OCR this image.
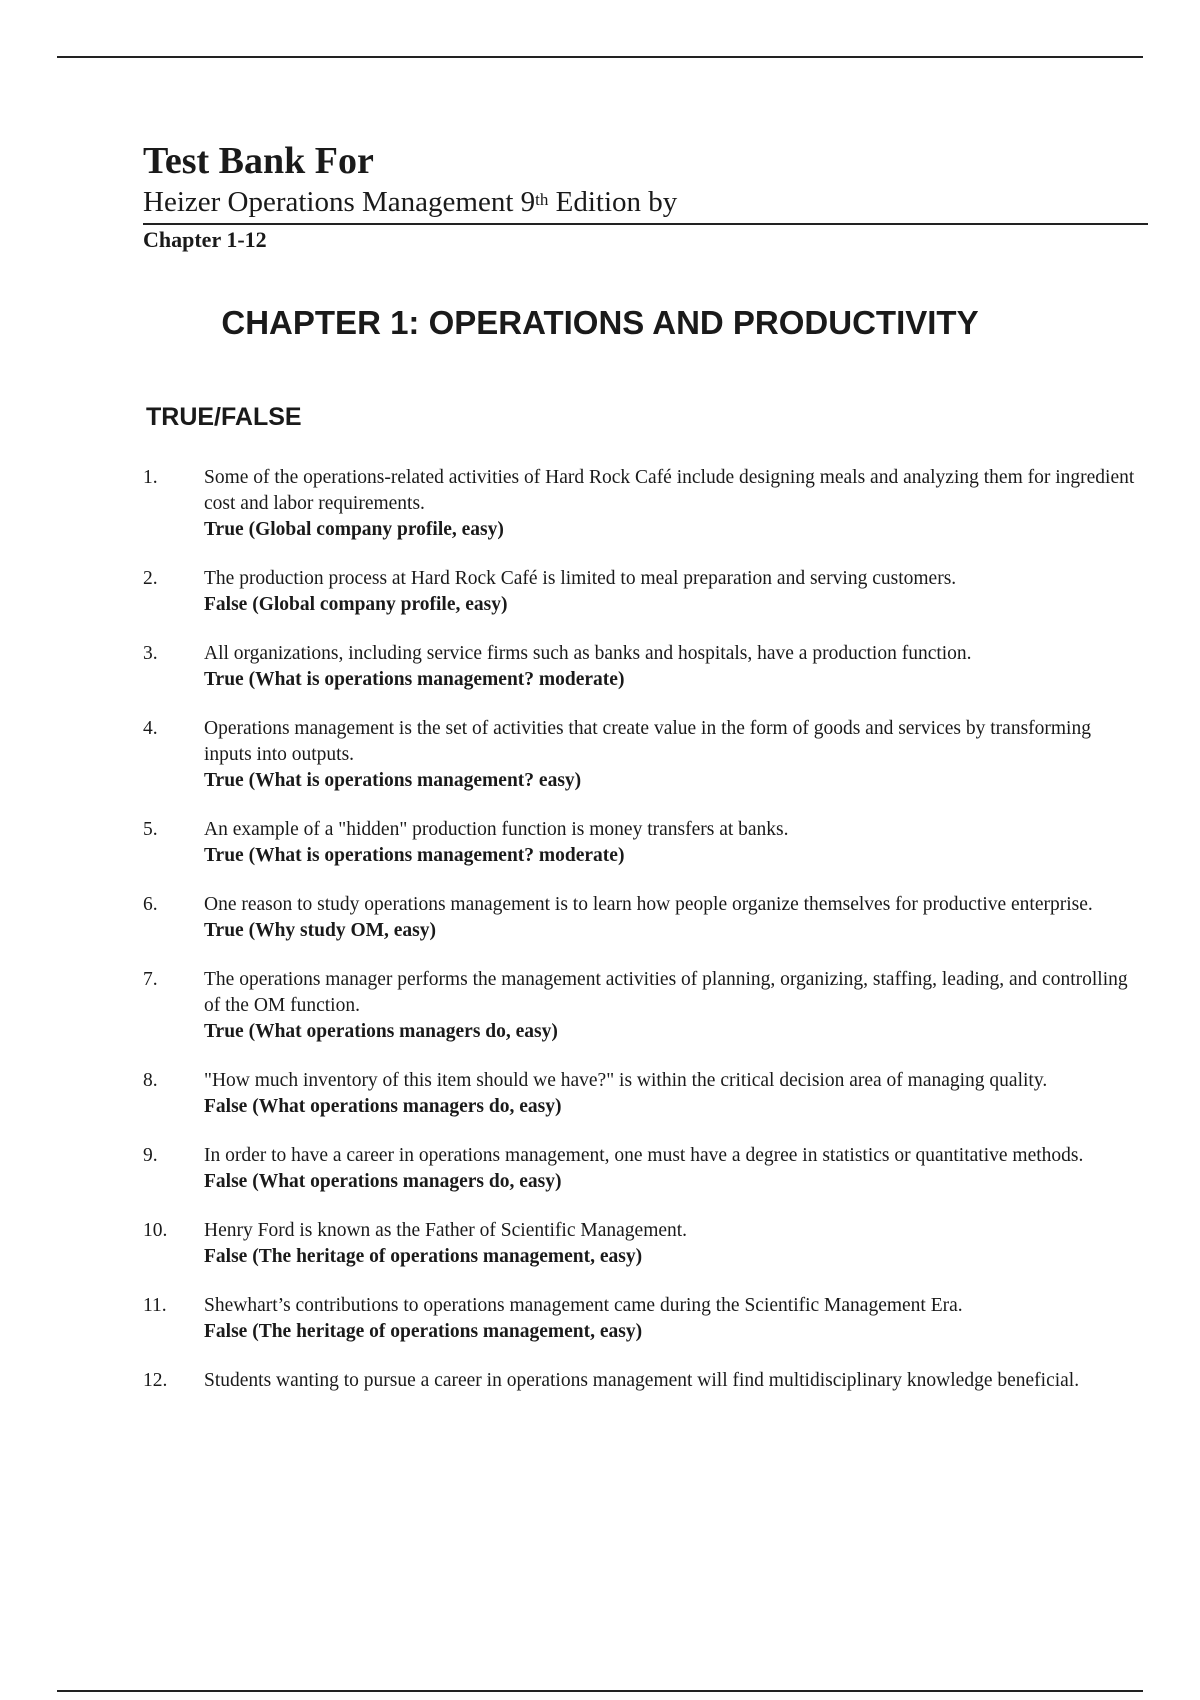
Test Bank For

Heizer Operations Management 9th Edition by

Chapter 1-12

CHAPTER 1: OPERATIONS AND PRODUCTIVITY
TRUE/FALSE
1. Some of the operations-related activities of Hard Rock Café include designing meals and analyzing them for ingredient cost and labor requirements.
True (Global company profile, easy)
2. The production process at Hard Rock Café is limited to meal preparation and serving customers.
False (Global company profile, easy)
3. All organizations, including service firms such as banks and hospitals, have a production function.
True (What is operations management? moderate)
4. Operations management is the set of activities that create value in the form of goods and services by transforming inputs into outputs.
True (What is operations management? easy)
5. An example of a "hidden" production function is money transfers at banks.
True (What is operations management? moderate)
6. One reason to study operations management is to learn how people organize themselves for productive enterprise.
True (Why study OM, easy)
7. The operations manager performs the management activities of planning, organizing, staffing, leading, and controlling of the OM function.
True (What operations managers do, easy)
8. "How much inventory of this item should we have?" is within the critical decision area of managing quality.
False (What operations managers do, easy)
9. In order to have a career in operations management, one must have a degree in statistics or quantitative methods.
False (What operations managers do, easy)
10. Henry Ford is known as the Father of Scientific Management.
False (The heritage of operations management, easy)
11. Shewhart’s contributions to operations management came during the Scientific Management Era.
False (The heritage of operations management, easy)
12. Students wanting to pursue a career in operations management will find multidisciplinary knowledge beneficial.
